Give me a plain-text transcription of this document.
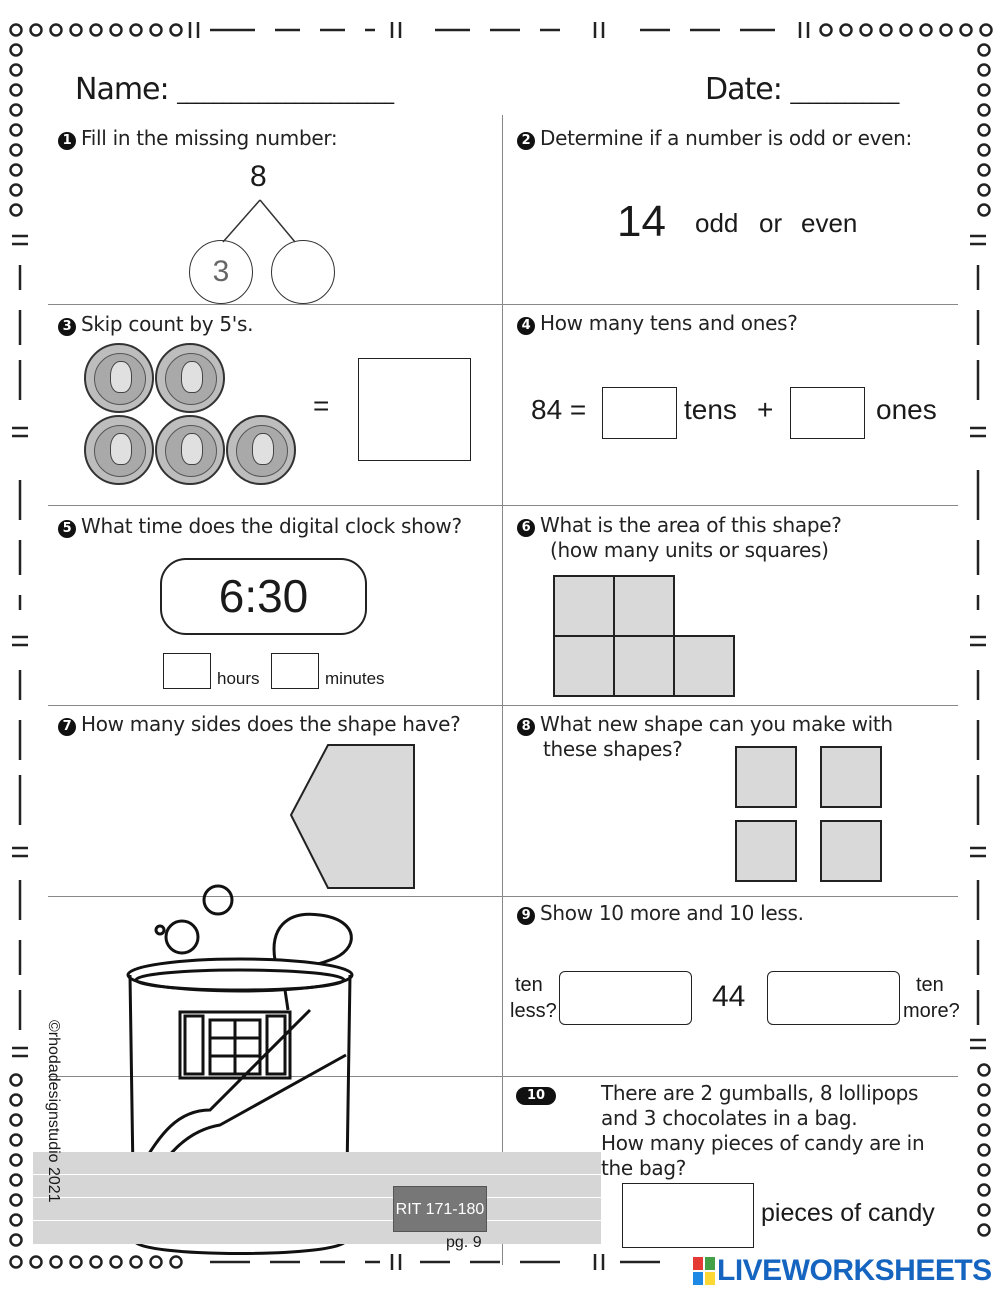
Name: ________________________	Date: ____________
1 Fill in the missing number:
8
3
2 Determine if a number is odd or even:
14 odd or even
3 Skip count by 5's.
=
4 How many tens and ones?
84 =	tens +	ones
5 What time does the digital clock show?
6:30
hours	minutes
6 What is the area of this shape?
(how many units or squares)
7 How many sides does the shape have?	8 What new shape can you make with
these shapes?
9 Show 10 more and 10 less.
ten
less?	44	ten
more?
10	There are 2 gumballs, 8 lollipops
and 3 chocolates in a bag.
How many pieces of candy are in
the bag?
pieces of candy
RIT 171-180
pg. 9
©rhodadesignstudio 2021
LIVEWORKSHEETS
